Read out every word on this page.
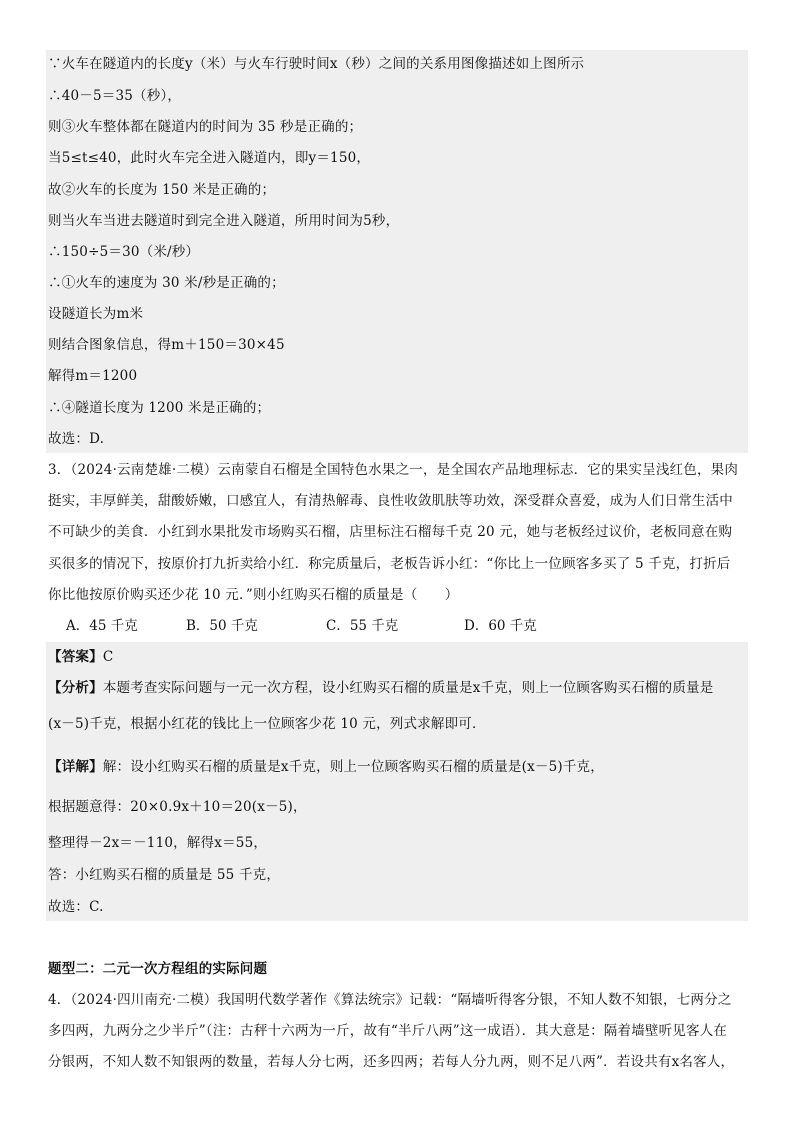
∵火车在隧道内的长度y（米）与火车行驶时间x（秒）之间的关系用图像描述如上图所示
∴40－5＝35（秒），
则③火车整体都在隧道内的时间为 35 秒是正确的；
当5≤t≤40，此时火车完全进入隧道内，即y＝150，
故②火车的长度为 150 米是正确的；
则当火车当进去隧道时到完全进入隧道，所用时间为5秒，
∴150÷5＝30（米/秒）
∴①火车的速度为 30 米/秒是正确的；
设隧道长为m米
则结合图象信息，得m＋150＝30×45
解得m＝1200
∴④隧道长度为 1200 米是正确的；
故选：D.
3．（2024·云南楚雄·二模）云南蒙自石榴是全国特色水果之一，是全国农产品地理标志．它的果实呈浅红色，果肉
挺实，丰厚鲜美，甜酸娇嫩，口感宜人，有清热解毒、良性收敛肌肤等功效，深受群众喜爱，成为人们日常生活中
不可缺少的美食．小红到水果批发市场购买石榴，店里标注石榴每千克 20 元，她与老板经过议价，老板同意在购
买很多的情况下，按原价打九折卖给小红．称完质量后，老板告诉小红：“你比上一位顾客多买了 5 千克，打折后
你比他按原价购买还少花 10 元．”则小红购买石榴的质量是（　　）
A．45 千克	B．50 千克	C．55 千克	D．60 千克
【答案】C
【分析】本题考查实际问题与一元一次方程，设小红购买石榴的质量是x千克，则上一位顾客购买石榴的质量是
(x－5)千克，根据小红花的钱比上一位顾客少花 10 元，列式求解即可．
【详解】解：设小红购买石榴的质量是x千克，则上一位顾客购买石榴的质量是(x－5)千克，
根据题意得：20×0.9x＋10＝20(x－5)，
整理得－2x＝－110，解得x＝55，
答：小红购买石榴的质量是 55 千克，
故选：C.
题型二：二元一次方程组的实际问题
4．（2024·四川南充·二模）我国明代数学著作《算法统宗》记载：“隔墙听得客分银，不知人数不知银，七两分之
多四两，九两分之少半斤”（注：古秤十六两为一斤，故有“半斤八两”这一成语）．其大意是：隔着墙壁听见客人在
分银两，不知人数不知银两的数量，若每人分七两，还多四两；若每人分九两，则不足八两”．若设共有x名客人，
